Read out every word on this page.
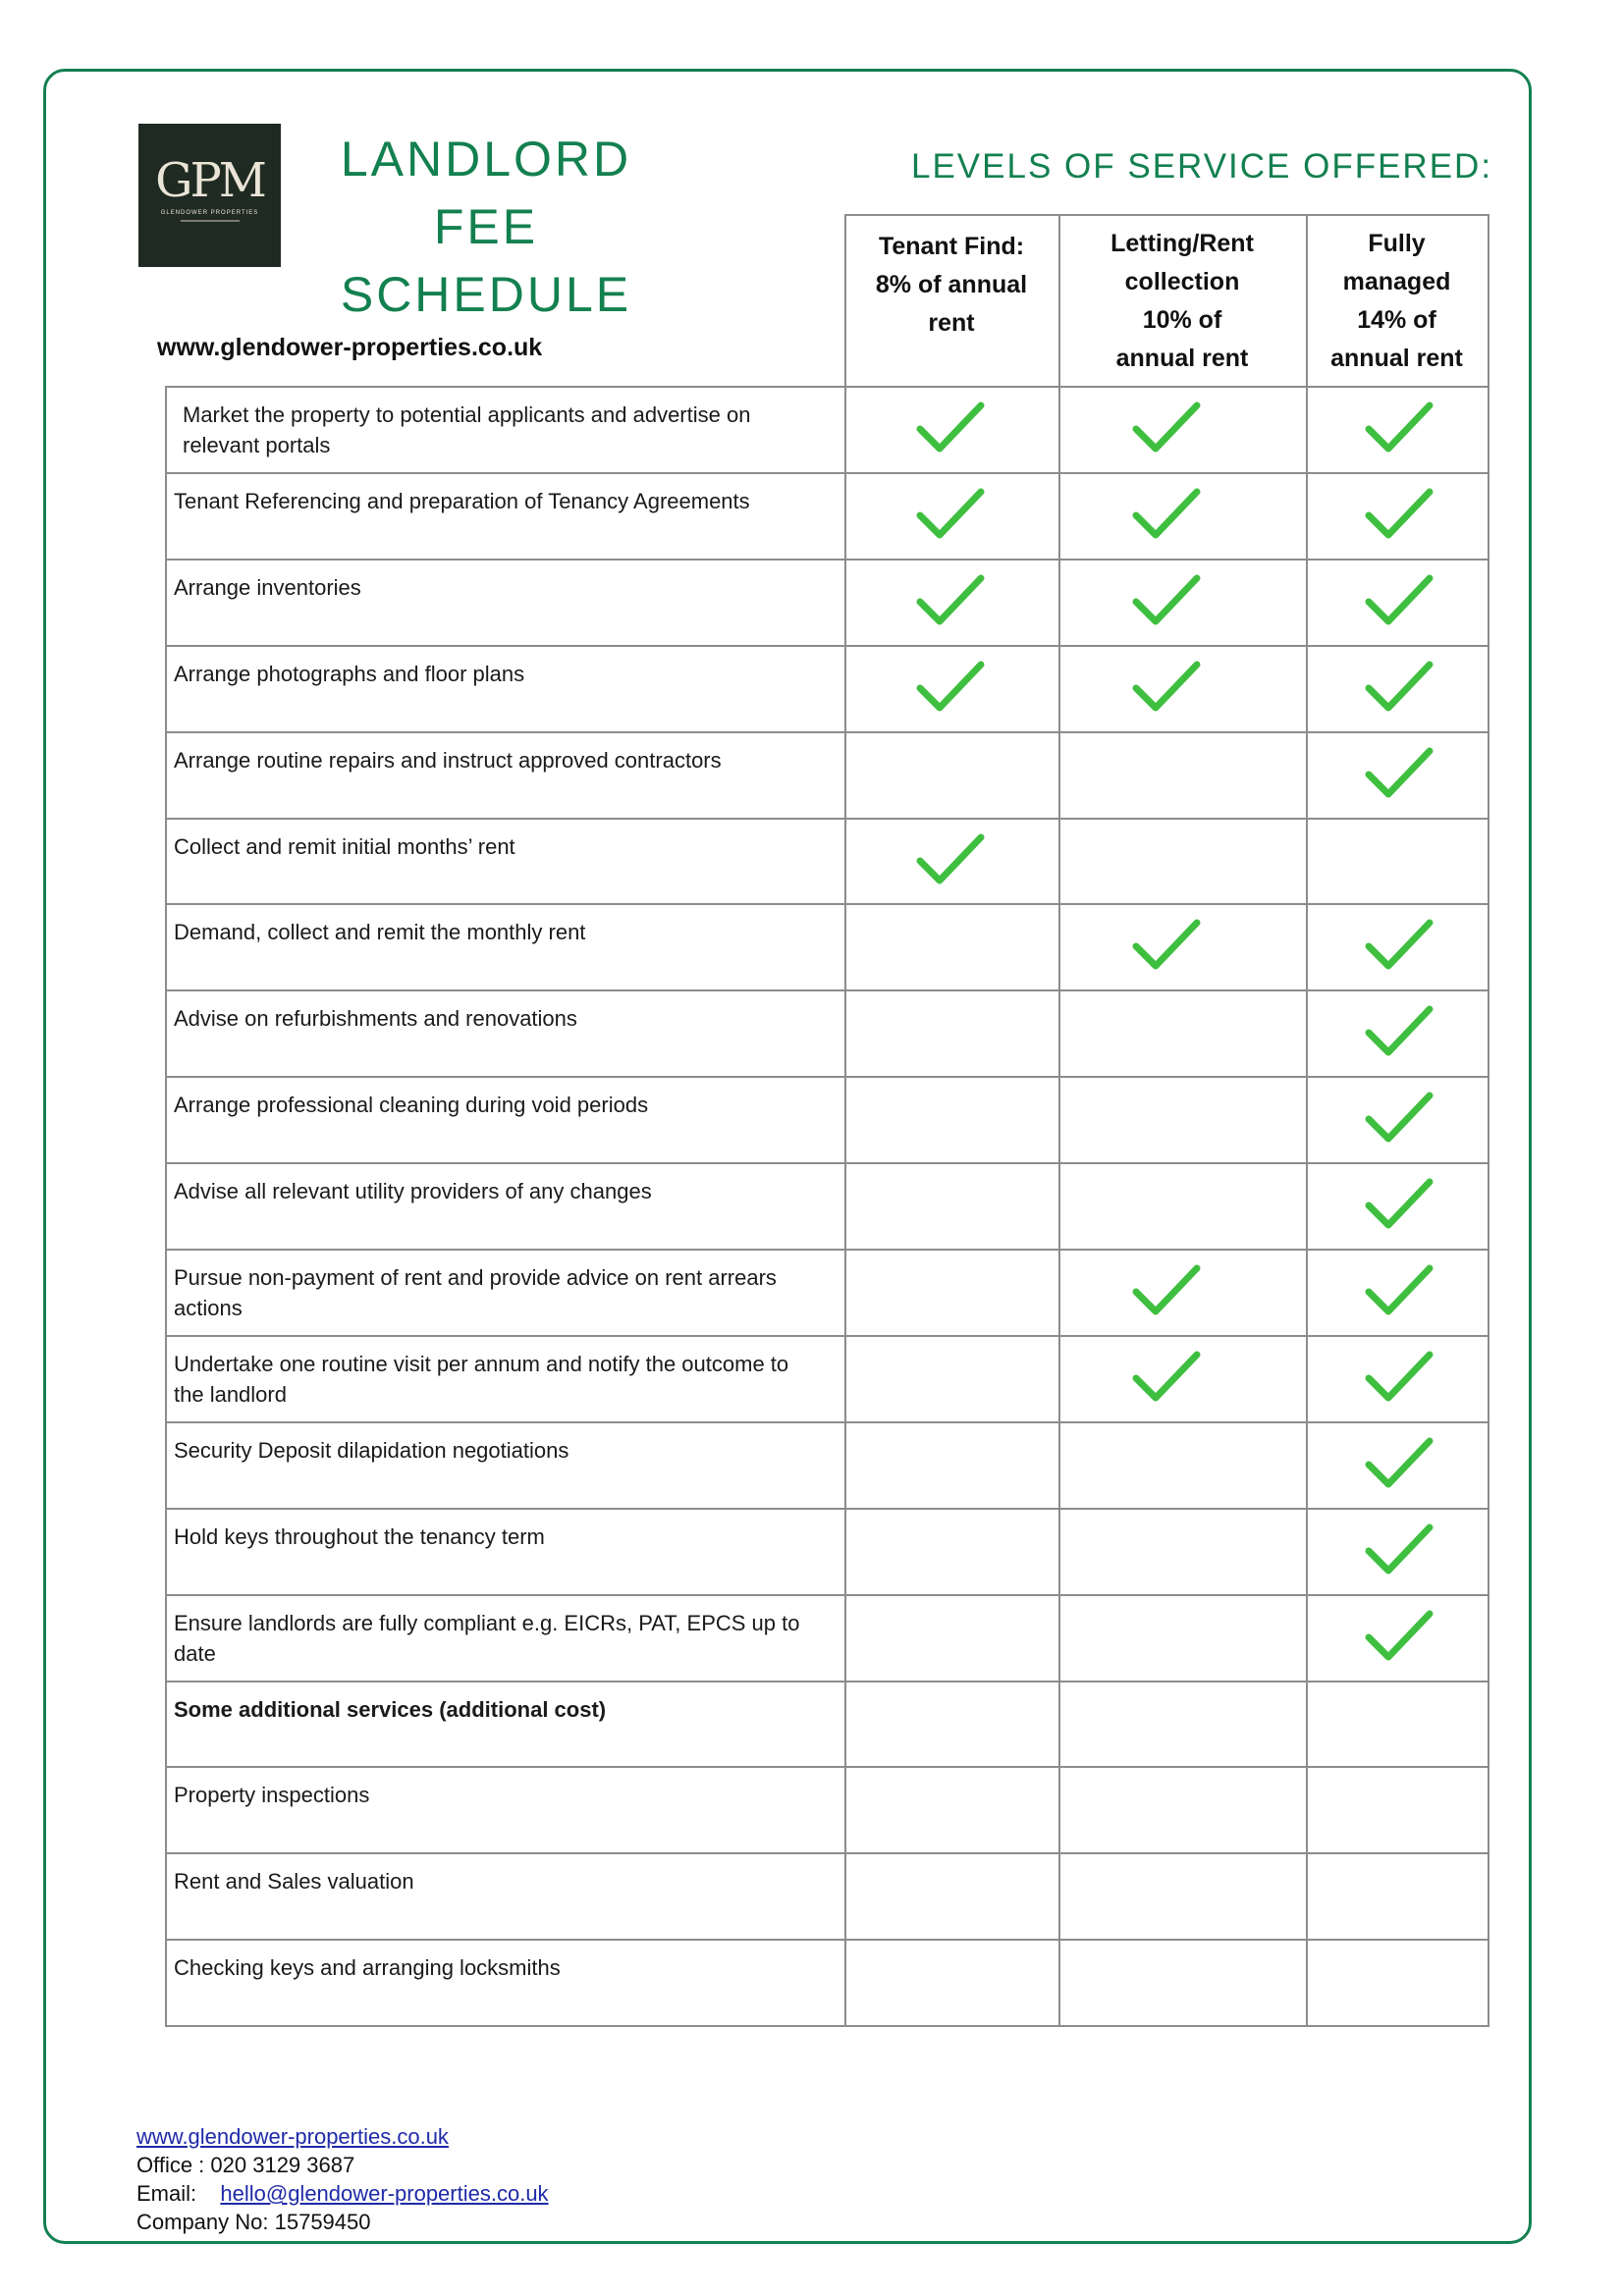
GPM
GLENDOWER PROPERTIES
LANDLORD
FEE
SCHEDULE
www.glendower-properties.co.uk
LEVELS OF SERVICE OFFERED:
Tenant Find:
8% of annual
rent
Letting/Rent
collection
10% of
annual rent
Fully
managed
14% of
annual rent
Market the property to potential applicants and advertise on
relevant portals
Tenant Referencing and preparation of Tenancy Agreements
Arrange inventories
Arrange photographs and floor plans
Arrange routine repairs and instruct approved contractors
Collect and remit initial months’ rent
Demand, collect and remit the monthly rent
Advise on refurbishments and renovations
Arrange professional cleaning during void periods
Advise all relevant utility providers of any changes
Pursue non-payment of rent and provide advice on rent arrears
actions
Undertake one routine visit per annum and notify the outcome to
the landlord
Security Deposit dilapidation negotiations
Hold keys throughout the tenancy term
Ensure landlords are fully compliant e.g. EICRs, PAT, EPCS up to
date
Some additional services (additional cost)
Property inspections
Rent and Sales valuation
Checking keys and arranging locksmiths
www.glendower-properties.co.uk
Office : 020 3129 3687
Email: hello@glendower-properties.co.uk
Company No: 15759450
